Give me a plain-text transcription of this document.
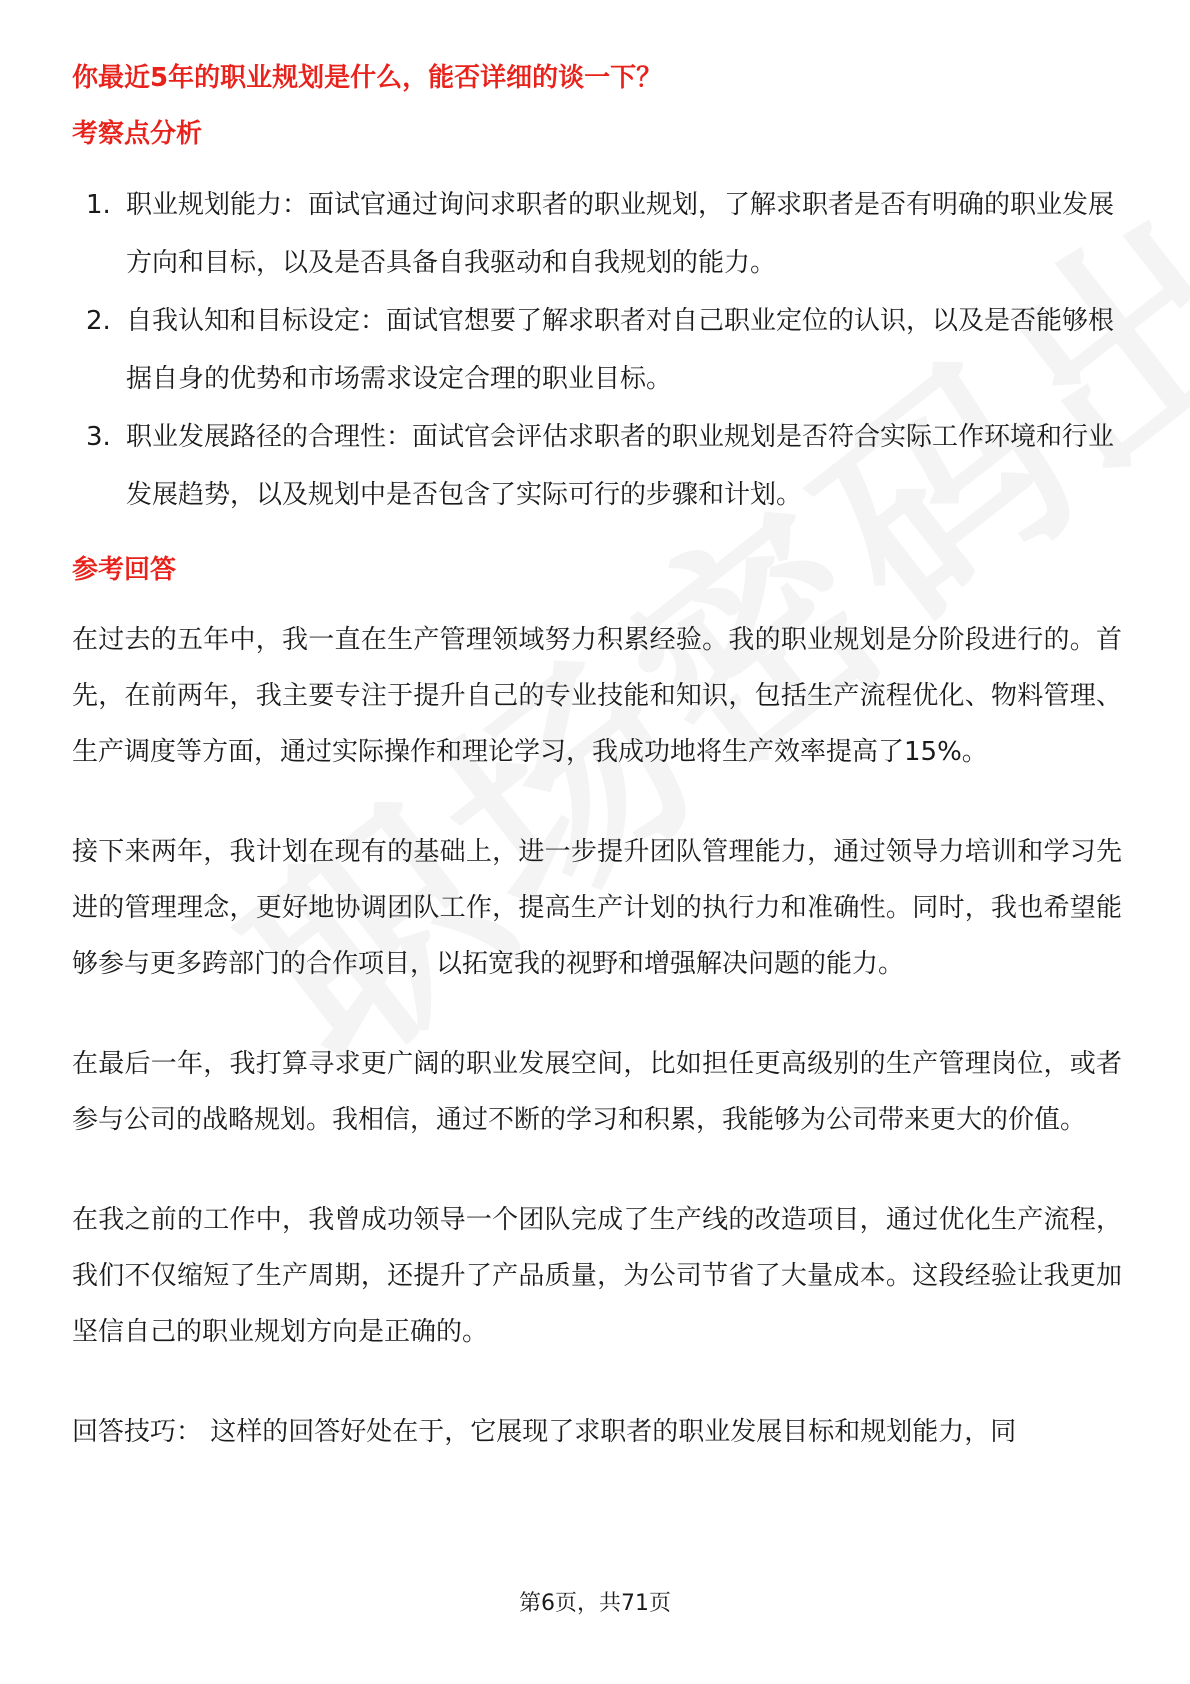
你最近5年的职业规划是什么，能否详细的谈一下？

考察点分析

1. 职业规划能力：面试官通过询问求职者的职业规划，了解求职者是否有明确的职业发展方向和目标，以及是否具备自我驱动和自我规划的能力。
2. 自我认知和目标设定：面试官想要了解求职者对自己职业定位的认识，以及是否能够根据自身的优势和市场需求设定合理的职业目标。
3. 职业发展路径的合理性：面试官会评估求职者的职业规划是否符合实际工作环境和行业发展趋势，以及规划中是否包含了实际可行的步骤和计划。

参考回答

在过去的五年中，我一直在生产管理领域努力积累经验。我的职业规划是分阶段进行的。首先，在前两年，我主要专注于提升自己的专业技能和知识，包括生产流程优化、物料管理、生产调度等方面，通过实际操作和理论学习，我成功地将生产效率提高了15%。

接下来两年，我计划在现有的基础上，进一步提升团队管理能力，通过领导力培训和学习先进的管理理念，更好地协调团队工作，提高生产计划的执行力和准确性。同时，我也希望能够参与更多跨部门的合作项目，以拓宽我的视野和增强解决问题的能力。

在最后一年，我打算寻求更广阔的职业发展空间，比如担任更高级别的生产管理岗位，或者参与公司的战略规划。我相信，通过不断的学习和积累，我能够为公司带来更大的价值。

在我之前的工作中，我曾成功领导一个团队完成了生产线的改造项目，通过优化生产流程，我们不仅缩短了生产周期，还提升了产品质量，为公司节省了大量成本。这段经验让我更加坚信自己的职业规划方向是正确的。

回答技巧： 这样的回答好处在于，它展现了求职者的职业发展目标和规划能力，同

第6页，共71页
